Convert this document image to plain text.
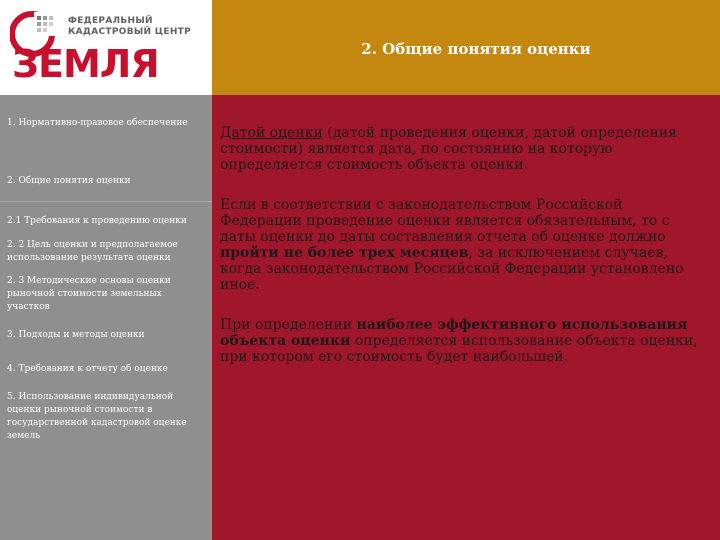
ФЕДЕРАЛЬНЫЙ
КАДАСТРОВЫЙ ЦЕНТР
ЗЕМЛЯ	2. Общие понятия оценки
1. Нормативно-правовое обеспечение
2. Общие понятия оценки
2.1 Требования к проведению оценки
2. 2 Цель оценки и предполагаемое использование результата оценки
2. 3 Методические основы оценки рыночной стоимости земельных участков
3. Подходы и методы оценки
4. Требования к отчету об оценке
5. Использование индивидуальной оценки рыночной стоимости в государственной кадастровой оценке земель

Датой оценки (датой проведения оценки, датой определения стоимости) является дата, по состоянию на которую определяется стоимость объекта оценки.

Если в соответствии с законодательством Российской Федерации проведение оценки является обязательным, то с даты оценки до даты составления отчета об оценке должно пройти не более трех месяцев, за исключением случаев, когда законодательством Российской Федерации установлено иное.

При определении наиболее эффективного использования объекта оценки определяется использование объекта оценки, при котором его стоимость будет наибольшей.
